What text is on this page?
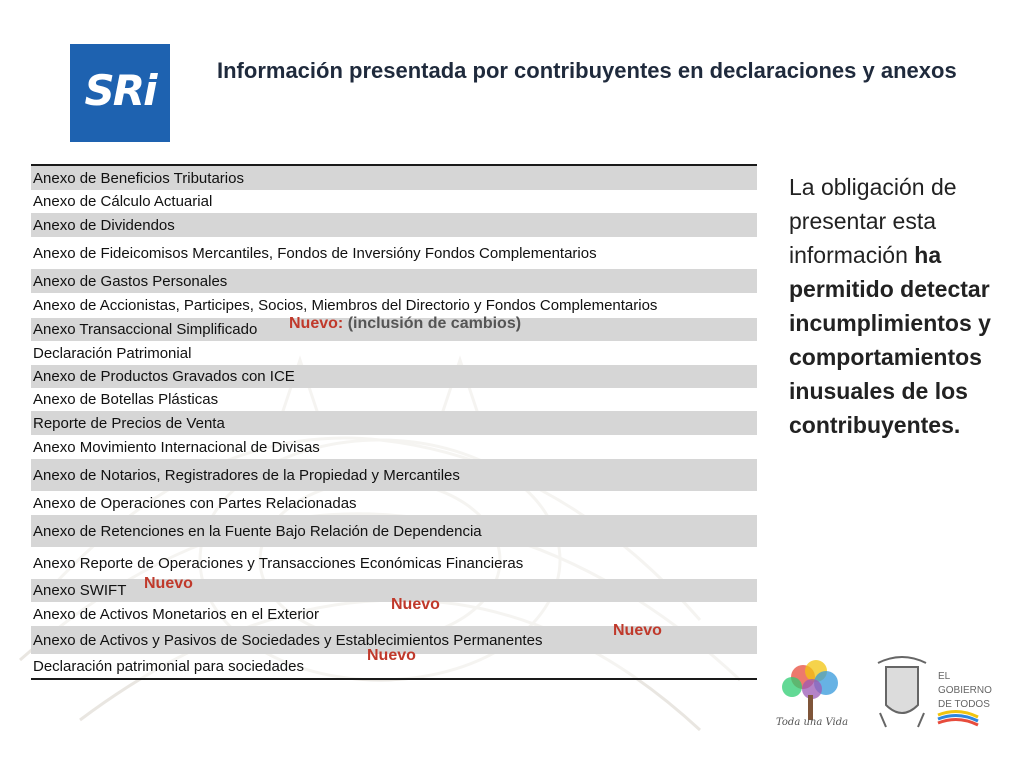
SRi	Información presentada por contribuyentes en declaraciones y anexos
Anexo de Beneficios Tributarios
Anexo de Cálculo Actuarial
Anexo de Dividendos
Anexo de Fideicomisos Mercantiles, Fondos de Inversióny Fondos Complementarios
Anexo de Gastos Personales
Anexo de Accionistas, Participes, Socios, Miembros del Directorio y Fondos Complementarios
Anexo Transaccional Simplificado Nuevo: (inclusión de cambios)
Declaración Patrimonial
Anexo de Productos Gravados con ICE
Anexo de Botellas Plásticas
Reporte de Precios de Venta
Anexo Movimiento Internacional de Divisas
Anexo de Notarios, Registradores de la Propiedad y Mercantiles
Anexo de Operaciones con Partes Relacionadas
Anexo de Retenciones en la Fuente Bajo Relación de Dependencia
Anexo Reporte de Operaciones y Transacciones Económicas Financieras
Anexo SWIFT Nuevo
Anexo de Activos Monetarios en el Exterior
Nuevo
Anexo de Activos y Pasivos de Sociedades y Establecimientos Permanentes
Nuevo
Declaración patrimonial para sociedades
Nuevo
La obligación de presentar esta información ha permitido detectar incumplimientos y comportamientos inusuales de los contribuyentes.
Toda una Vida
EL
GOBIERNO
DE TODOS
